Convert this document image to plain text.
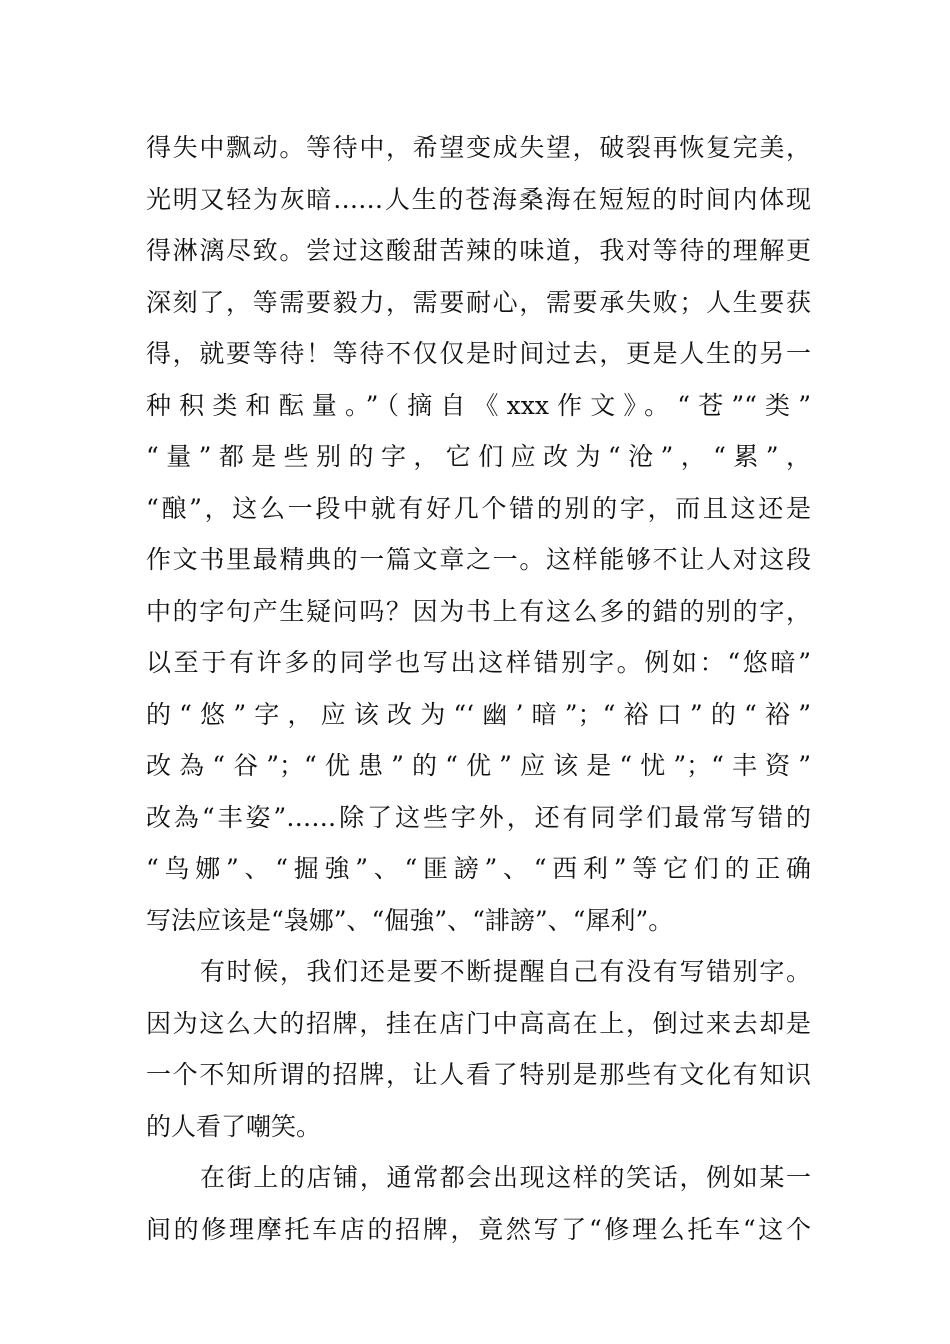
得失中飘动。等待中，希望变成失望，破裂再恢复完美，
光明又轻为灰暗……人生的苍海桑海在短短的时间内体现
得淋漓尽致。尝过这酸甜苦辣的味道，我对等待的理解更
深刻了，等需要毅力，需要耐心，需要承失败；人生要获
得，就要等待！等待不仅仅是时间过去，更是人生的另一
种积类和酝量。”（摘自《xxx作文》。“苍”“类”
“量”都是些别的字，它们应改为“沧”，“累”，
“酿”，这么一段中就有好几个错的别的字，而且这还是
作文书里最精典的一篇文章之一。这样能够不让人对这段
中的字句产生疑问吗？因为书上有这么多的錯的别的字，
以至于有许多的同学也写出这样错别字。例如：“悠暗”
的“悠”字，应该改为“‘幽’暗”；“裕口”的“裕”
改為“谷”；“优患”的“优”应该是“忧”；“丰资”
改為“丰姿”……除了这些字外，还有同学们最常写错的
“鸟娜”、“掘強”、“匪謗”、“西利”等它们的正确
写法应该是“袅娜”、“倔強”、“誹謗”、“犀利”。
有时候，我们还是要不断提醒自己有没有写错别字。
因为这么大的招牌，挂在店门中高高在上，倒过来去却是
一个不知所谓的招牌，让人看了特别是那些有文化有知识
的人看了嘲笑。
在街上的店铺，通常都会出现这样的笑话，例如某一
间的修理摩托车店的招牌，竟然写了“修理么托车“这个
